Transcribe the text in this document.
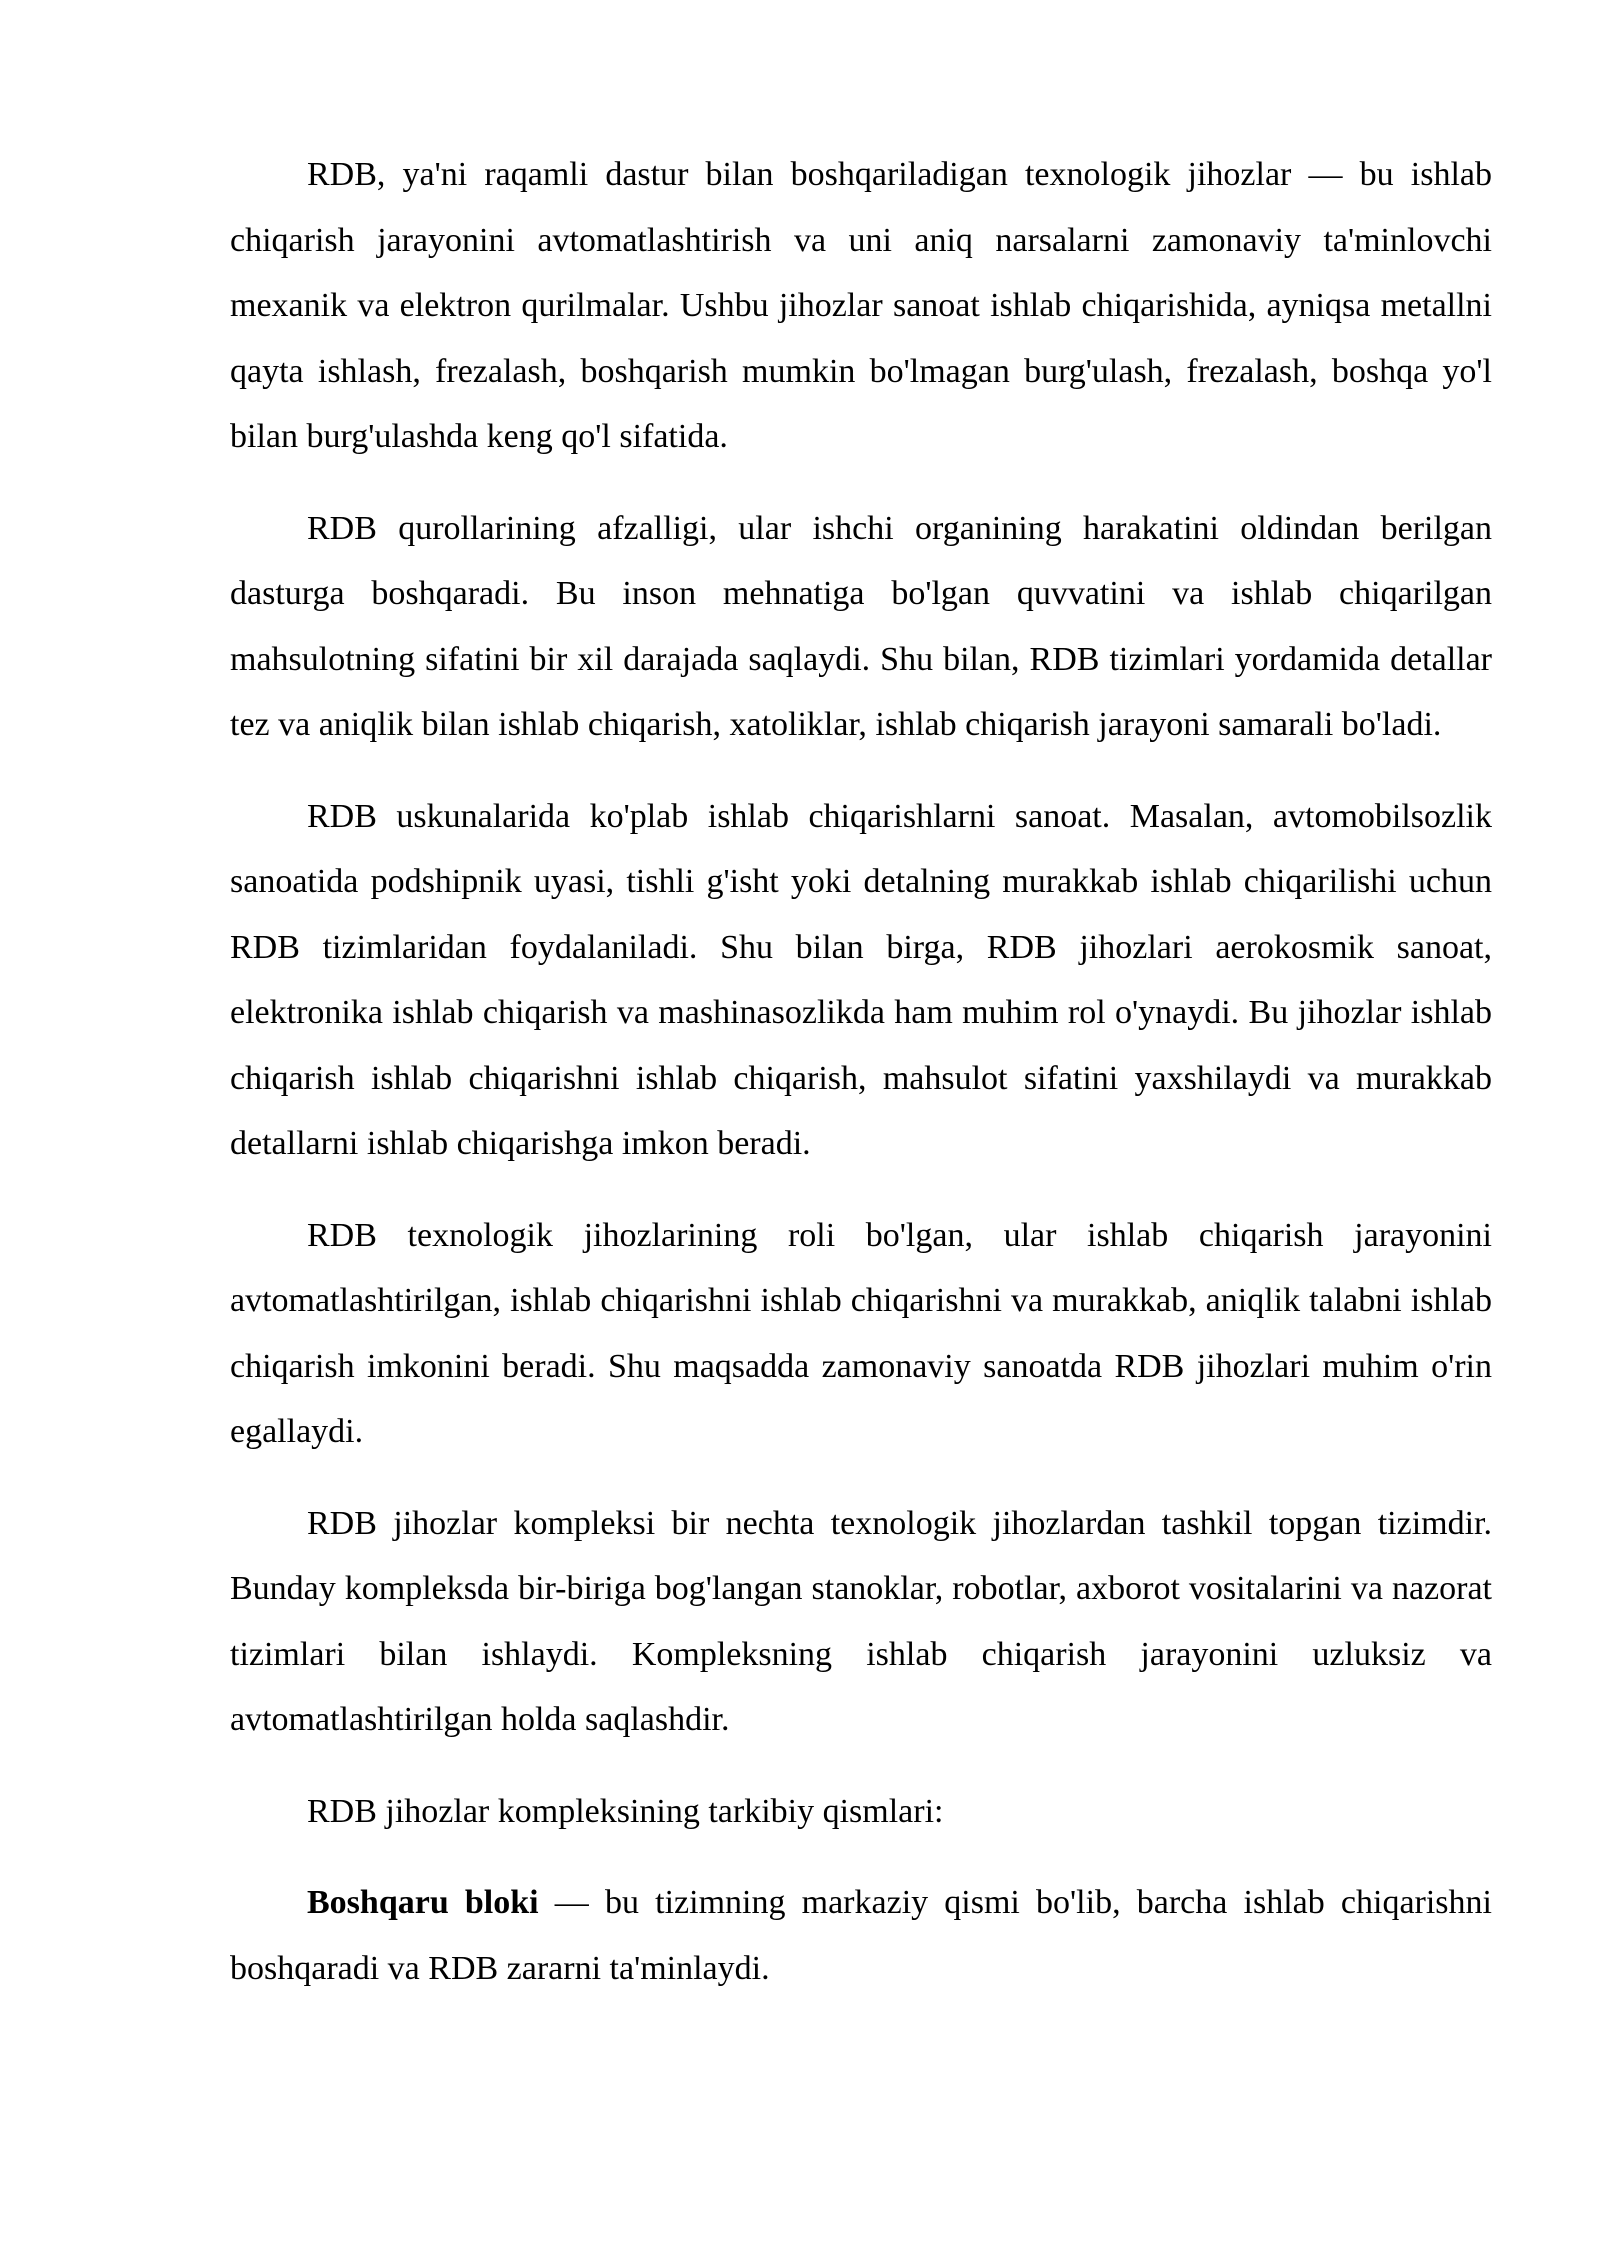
RDB, ya'ni raqamli dastur bilan boshqariladigan texnologik jihozlar — bu ishlab chiqarish jarayonini avtomatlashtirish va uni aniq narsalarni zamonaviy ta'minlovchi mexanik va elektron qurilmalar. Ushbu jihozlar sanoat ishlab chiqarishida, ayniqsa metallni qayta ishlash, frezalash, boshqarish mumkin bo'lmagan burg'ulash, frezalash, boshqa yo'l bilan burg'ulashda keng qo'l sifatida.

RDB qurollarining afzalligi, ular ishchi organining harakatini oldindan berilgan dasturga boshqaradi. Bu inson mehnatiga bo'lgan quvvatini va ishlab chiqarilgan mahsulotning sifatini bir xil darajada saqlaydi. Shu bilan, RDB tizimlari yordamida detallar tez va aniqlik bilan ishlab chiqarish, xatoliklar, ishlab chiqarish jarayoni samarali bo'ladi.

RDB uskunalarida ko'plab ishlab chiqarishlarni sanoat. Masalan, avtomobilsozlik sanoatida podshipnik uyasi, tishli g'isht yoki detalning murakkab ishlab chiqarilishi uchun RDB tizimlaridan foydalaniladi. Shu bilan birga, RDB jihozlari aerokosmik sanoat, elektronika ishlab chiqarish va mashinasozlikda ham muhim rol o'ynaydi. Bu jihozlar ishlab chiqarish ishlab chiqarishni ishlab chiqarish, mahsulot sifatini yaxshilaydi va murakkab detallarni ishlab chiqarishga imkon beradi.

RDB texnologik jihozlarining roli bo'lgan, ular ishlab chiqarish jarayonini avtomatlashtirilgan, ishlab chiqarishni ishlab chiqarishni va murakkab, aniqlik talabni ishlab chiqarish imkonini beradi. Shu maqsadda zamonaviy sanoatda RDB jihozlari muhim o'rin egallaydi.

RDB jihozlar kompleksi bir nechta texnologik jihozlardan tashkil topgan tizimdir. Bunday kompleksda bir-biriga bog'langan stanoklar, robotlar, axborot vositalarini va nazorat tizimlari bilan ishlaydi. Kompleksning ishlab chiqarish jarayonini uzluksiz va avtomatlashtirilgan holda saqlashdir.

RDB jihozlar kompleksining tarkibiy qismlari:

Boshqaru bloki — bu tizimning markaziy qismi bo'lib, barcha ishlab chiqarishni boshqaradi va RDB zararni ta'minlaydi.
